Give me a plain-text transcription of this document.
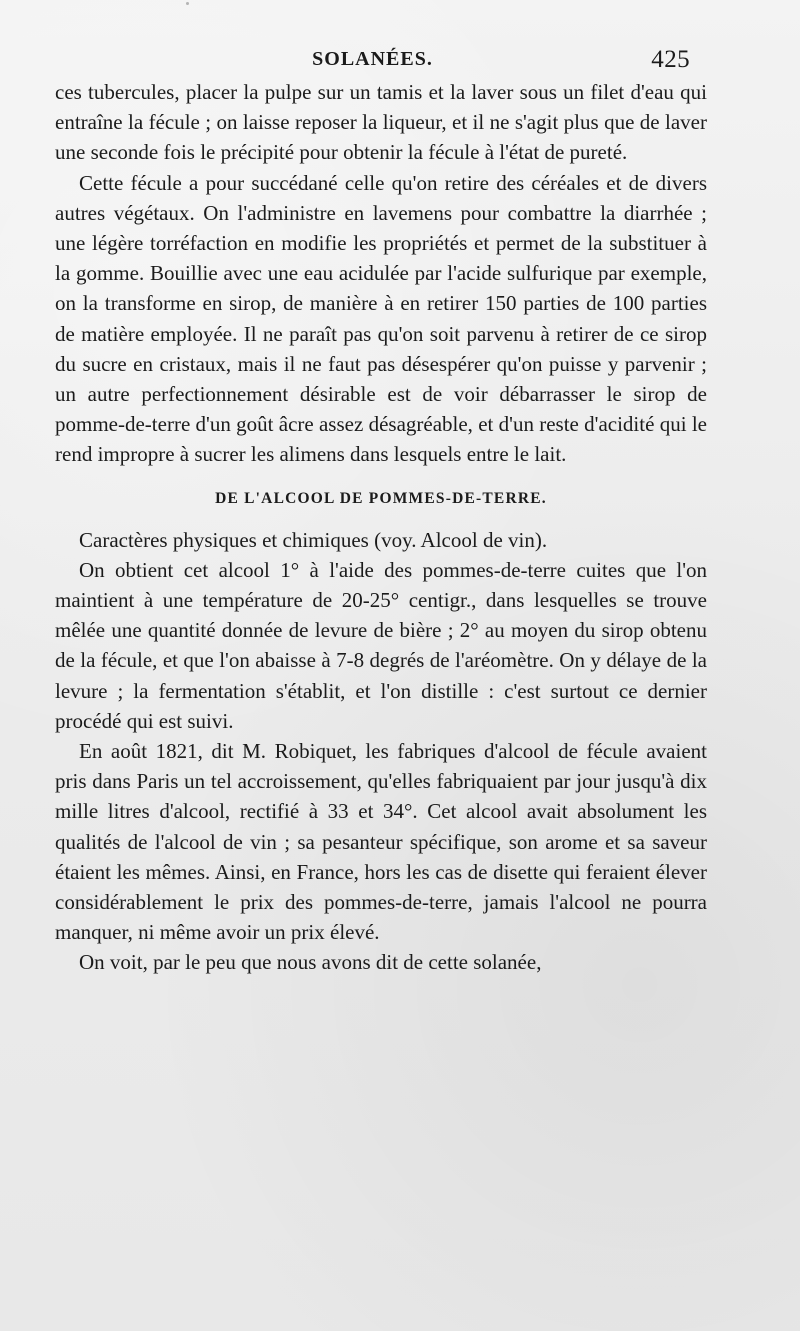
SOLANÉES.	425

ces tubercules, placer la pulpe sur un tamis et la laver sous un filet d'eau qui entraîne la fécule ; on laisse reposer la liqueur, et il ne s'agit plus que de laver une seconde fois le précipité pour obtenir la fécule à l'état de pureté.

Cette fécule a pour succédané celle qu'on retire des céréales et de divers autres végétaux. On l'administre en lavemens pour combattre la diarrhée ; une légère torréfaction en modifie les propriétés et permet de la substituer à la gomme. Bouillie avec une eau acidulée par l'acide sulfurique par exemple, on la transforme en sirop, de manière à en retirer 150 parties de 100 parties de matière employée. Il ne paraît pas qu'on soit parvenu à retirer de ce sirop du sucre en cristaux, mais il ne faut pas désespérer qu'on puisse y parvenir ; un autre perfectionnement désirable est de voir débarrasser le sirop de pomme-de-terre d'un goût âcre assez désagréable, et d'un reste d'acidité qui le rend impropre à sucrer les alimens dans lesquels entre le lait.

DE L'ALCOOL DE POMMES-DE-TERRE.

Caractères physiques et chimiques (voy. Alcool de vin).

On obtient cet alcool 1° à l'aide des pommes-de-terre cuites que l'on maintient à une température de 20-25° centigr., dans lesquelles se trouve mêlée une quantité donnée de levure de bière ; 2° au moyen du sirop obtenu de la fécule, et que l'on abaisse à 7-8 degrés de l'aréomètre. On y délaye de la levure ; la fermentation s'établit, et l'on distille : c'est surtout ce dernier procédé qui est suivi.

En août 1821, dit M. Robiquet, les fabriques d'alcool de fécule avaient pris dans Paris un tel accroissement, qu'elles fabriquaient par jour jusqu'à dix mille litres d'alcool, rectifié à 33 et 34°. Cet alcool avait absolument les qualités de l'alcool de vin ; sa pesanteur spécifique, son arome et sa saveur étaient les mêmes. Ainsi, en France, hors les cas de disette qui feraient élever considérablement le prix des pommes-de-terre, jamais l'alcool ne pourra manquer, ni même avoir un prix élevé.

On voit, par le peu que nous avons dit de cette solanée,
